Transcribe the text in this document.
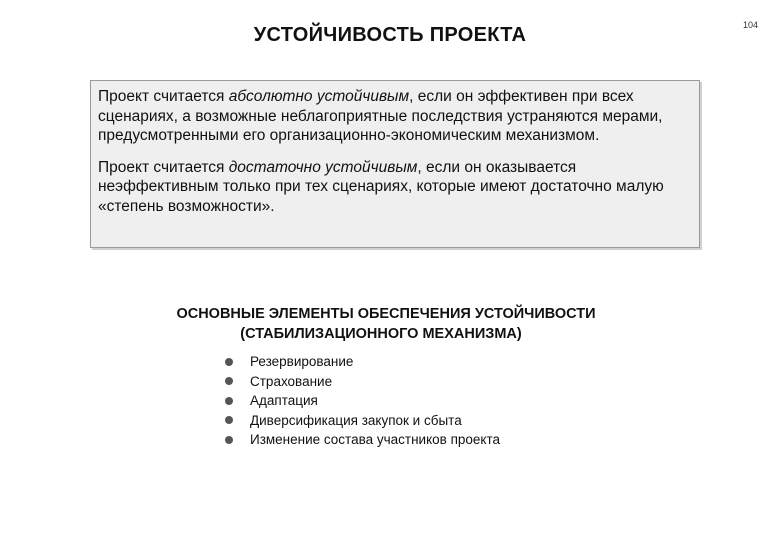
104
УСТОЙЧИВОСТЬ ПРОЕКТА

Проект считается абсолютно устойчивым, если он эффективен при всех сценариях, а возможные неблагоприятные последствия устраняются мерами, предусмотренными его организационно-экономическим механизмом.

Проект считается достаточно устойчивым, если он оказывается неэффективным только при тех сценариях, которые имеют достаточно малую «степень возможности».

ОСНОВНЫЕ ЭЛЕМЕНТЫ ОБЕСПЕЧЕНИЯ УСТОЙЧИВОСТИ
(СТАБИЛИЗАЦИОННОГО МЕХАНИЗМА)
Резервирование
Страхование
Адаптация
Диверсификация закупок и сбыта
Изменение состава участников проекта
